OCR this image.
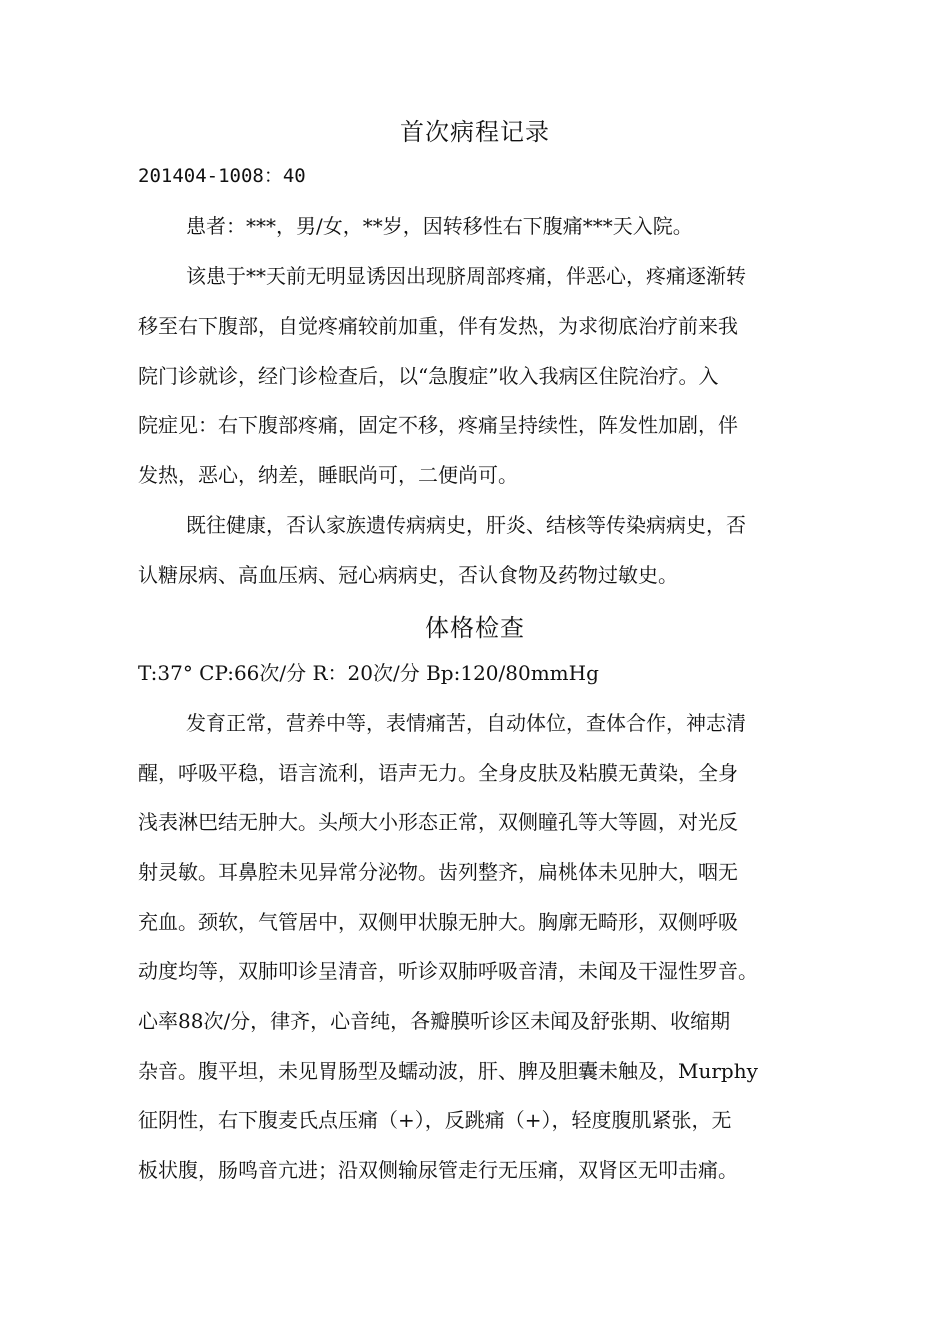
首次病程记录
201404-1008：40
患者：***，男/女，**岁，因转移性右下腹痛***天入院。
该患于**天前无明显诱因出现脐周部疼痛，伴恶心，疼痛逐渐转
移至右下腹部，自觉疼痛较前加重，伴有发热，为求彻底治疗前来我
院门诊就诊，经门诊检查后，以“急腹症”收入我病区住院治疗。入
院症见：右下腹部疼痛，固定不移，疼痛呈持续性，阵发性加剧，伴
发热，恶心，纳差，睡眠尚可，二便尚可。
既往健康，否认家族遗传病病史，肝炎、结核等传染病病史，否
认糖尿病、高血压病、冠心病病史，否认食物及药物过敏史。
体格检查
T:37° CP:66次/分 R：20次/分 Bp:120/80mmHg
发育正常，营养中等，表情痛苦，自动体位，查体合作，神志清
醒，呼吸平稳，语言流利，语声无力。全身皮肤及粘膜无黄染，全身
浅表淋巴结无肿大。头颅大小形态正常，双侧瞳孔等大等圆，对光反
射灵敏。耳鼻腔未见异常分泌物。齿列整齐，扁桃体未见肿大，咽无
充血。颈软，气管居中，双侧甲状腺无肿大。胸廓无畸形，双侧呼吸
动度均等，双肺叩诊呈清音，听诊双肺呼吸音清，未闻及干湿性罗音。
心率88次/分，律齐，心音纯，各瓣膜听诊区未闻及舒张期、收缩期
杂音。腹平坦，未见胃肠型及蠕动波，肝、脾及胆囊未触及，Murphy
征阴性，右下腹麦氏点压痛（+），反跳痛（+），轻度腹肌紧张，无
板状腹，肠鸣音亢进；沿双侧输尿管走行无压痛，双肾区无叩击痛。
